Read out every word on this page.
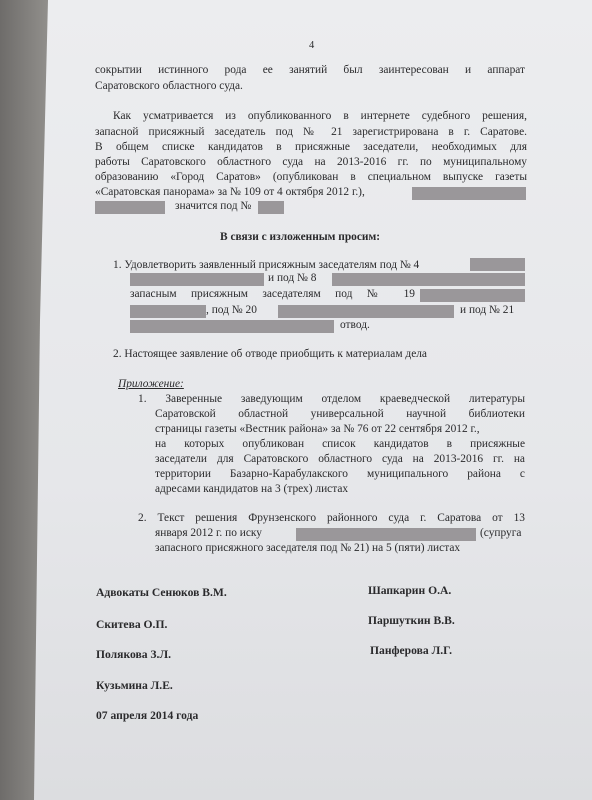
4
сокрытии истинного рода ее занятий был заинтересован и аппарат
Саратовского областного суда.
Как усматривается из опубликованного в интернете судебного решения,
запасной присяжный заседатель под № 21 зарегистрирована в г. Саратове.
В общем списке кандидатов в присяжные заседатели, необходимых для
работы Саратовского областного суда на 2013-2016 гг. по муниципальному
образованию «Город Саратов» (опубликован в специальном выпуске газеты
«Саратовская панорама» за № 109 от 4 октября 2012 г.),
значится под №
В связи с изложенным просим:
1. Удовлетворить заявленный присяжным заседателям под № 4
и под № 8
запасным присяжным заседателям под № 19
, под № 20	и под № 21
отвод.
2. Настоящее заявление об отводе приобщить к материалам дела
Приложение:
1. Заверенные заведующим отделом краеведческой литературы
Саратовской областной универсальной научной библиотеки
страницы газеты «Вестник района» за № 76 от 22 сентября 2012 г.,
на которых опубликован список кандидатов в присяжные
заседатели для Саратовского областного суда на 2013-2016 гг. на
территории Базарно-Карабулакского муниципального района с
адресами кандидатов на 3 (трех) листах
2. Текст решения Фрунзенского районного суда г. Саратова от 13
января 2012 г. по иску	(супруга
запасного присяжного заседателя под № 21) на 5 (пяти) листах
Адвокаты Сенюков В.М.
Скитева О.П.
Полякова З.Л.
Кузьмина Л.Е.
Шапкарин О.А.
Паршуткин В.В.
Панферова Л.Г.
07 апреля 2014 года
